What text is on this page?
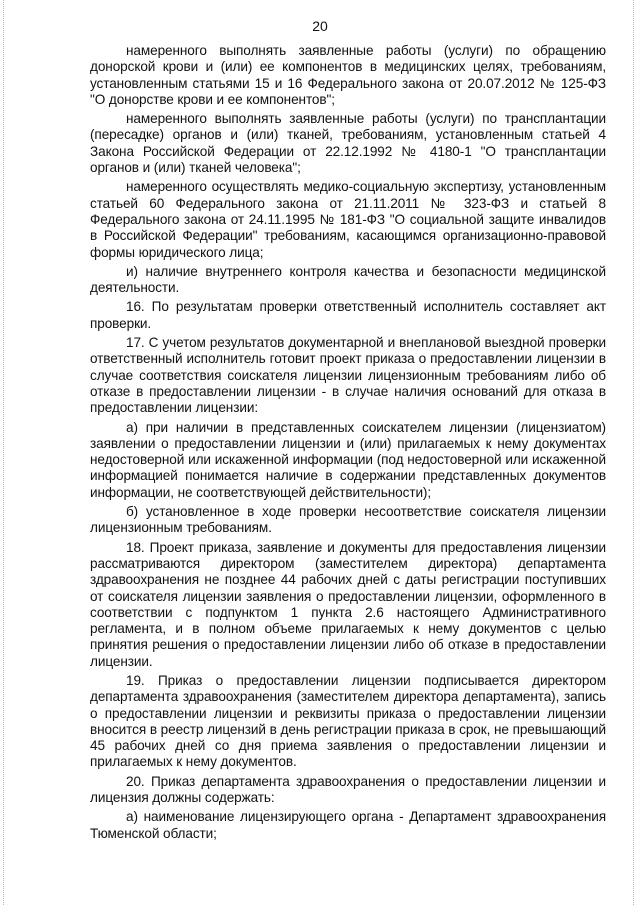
20

намеренного выполнять заявленные работы (услуги) по обращению донорской крови и (или) ее компонентов в медицинских целях, требованиям, установленным статьями 15 и 16 Федерального закона от 20.07.2012 № 125-ФЗ "О донорстве крови и ее компонентов";

намеренного выполнять заявленные работы (услуги) по трансплантации (пересадке) органов и (или) тканей, требованиям, установленным статьей 4 Закона Российской Федерации от 22.12.1992 № 4180-1 "О трансплантации органов и (или) тканей человека";

намеренного осуществлять медико-социальную экспертизу, установленным статьей 60 Федерального закона от 21.11.2011 № 323-ФЗ и статьей 8 Федерального закона от 24.11.1995 № 181-ФЗ "О социальной защите инвалидов в Российской Федерации" требованиям, касающимся организационно-правовой формы юридического лица;

и) наличие внутреннего контроля качества и безопасности медицинской деятельности.

16. По результатам проверки ответственный исполнитель составляет акт проверки.

17. С учетом результатов документарной и внеплановой выездной проверки ответственный исполнитель готовит проект приказа о предоставлении лицензии в случае соответствия соискателя лицензии лицензионным требованиям либо об отказе в предоставлении лицензии - в случае наличия оснований для отказа в предоставлении лицензии:

а) при наличии в представленных соискателем лицензии (лицензиатом) заявлении о предоставлении лицензии и (или) прилагаемых к нему документах недостоверной или искаженной информации (под недостоверной или искаженной информацией понимается наличие в содержании представленных документов информации, не соответствующей действительности);

б) установленное в ходе проверки несоответствие соискателя лицензии лицензионным требованиям.

18. Проект приказа, заявление и документы для предоставления лицензии рассматриваются директором (заместителем директора) департамента здравоохранения не позднее 44 рабочих дней с даты регистрации поступивших от соискателя лицензии заявления о предоставлении лицензии, оформленного в соответствии с подпунктом 1 пункта 2.6 настоящего Административного регламента, и в полном объеме прилагаемых к нему документов с целью принятия решения о предоставлении лицензии либо об отказе в предоставлении лицензии.

19. Приказ о предоставлении лицензии подписывается директором департамента здравоохранения (заместителем директора департамента), запись о предоставлении лицензии и реквизиты приказа о предоставлении лицензии вносится в реестр лицензий в день регистрации приказа в срок, не превышающий 45 рабочих дней со дня приема заявления о предоставлении лицензии и прилагаемых к нему документов.

20. Приказ департамента здравоохранения о предоставлении лицензии и лицензия должны содержать:

а) наименование лицензирующего органа - Департамент здравоохранения Тюменской области;
